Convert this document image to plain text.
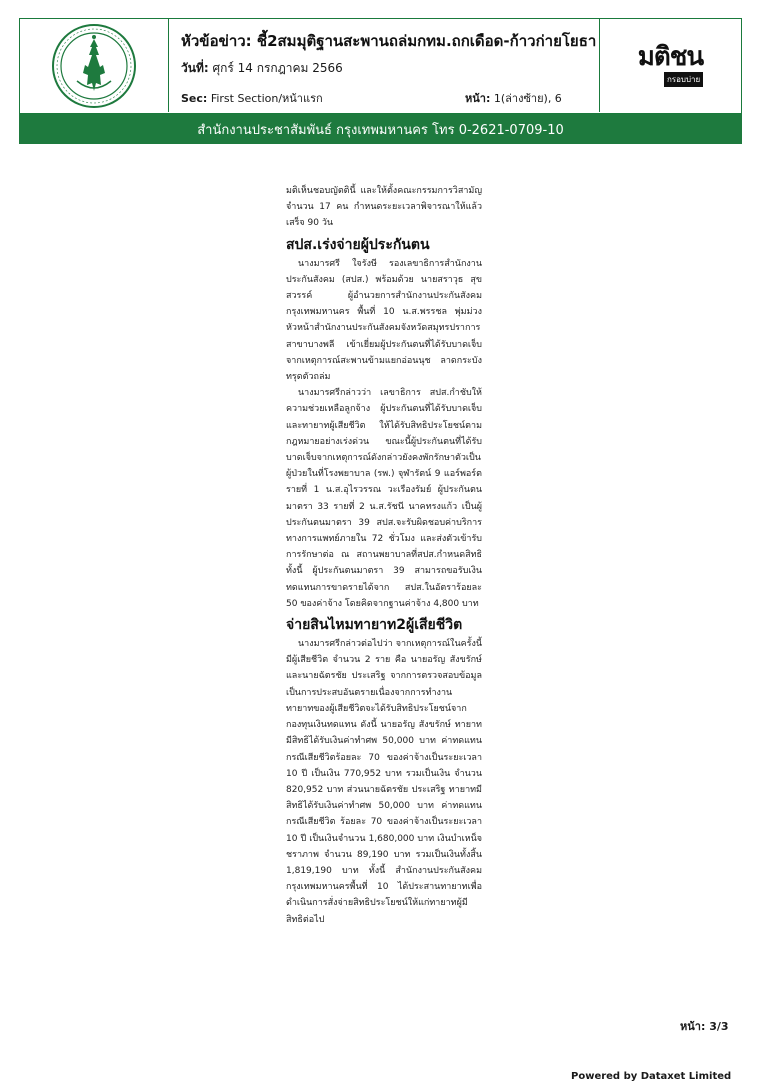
หัวข้อข่าว: ชี้2สมมุติฐานสะพานถล่มกทม.ถกเดือด-ก้าวก่ายโยธา
วันที่: ศุกร์ 14 กรกฎาคม 2566
Sec: First Section/หน้าแรก	หน้า: 1(ล่างซ้าย), 6
มติชน
กรอบบ่าย
สำนักงานประชาสัมพันธ์ กรุงเทพมหานคร โทร 0-2621-0709-10

มติเห็นชอบญัตตินี้ และให้ตั้งคณะกรรมการวิสามัญ จำนวน 17 คน กำหนดระยะเวลาพิจารณาให้แล้วเสร็จ 90 วัน

สปส.เร่งจ่ายผู้ประกันตน

นางมารศรี ใจรังษี รองเลขาธิการสำนักงานประกันสังคม (สปส.) พร้อมด้วย นายสราวุธ สุขสวรรค์ ผู้อำนวยการสำนักงานประกันสังคมกรุงเทพมหานคร พื้นที่ 10 น.ส.พรรชล พุ่มม่วง หัวหน้าสำนักงานประกันสังคมจังหวัดสมุทรปราการ สาขาบางพลี เข้าเยี่ยมผู้ประกันตนที่ได้รับบาดเจ็บจากเหตุการณ์สะพานข้ามแยกอ่อนนุช ลาดกระบัง ทรุดตัวถล่ม

นางมารศรีกล่าวว่า เลขาธิการ สปส.กำชับให้ความช่วยเหลือลูกจ้าง ผู้ประกันตนที่ได้รับบาดเจ็บ และทายาทผู้เสียชีวิต ให้ได้รับสิทธิประโยชน์ตามกฎหมายอย่างเร่งด่วน ขณะนี้ผู้ประกันตนที่ได้รับบาดเจ็บจากเหตุการณ์ดังกล่าวยังคงพักรักษาตัวเป็นผู้ป่วยในที่โรงพยาบาล (รพ.) จุฬารัตน์ 9 แอร์พอร์ต รายที่ 1 น.ส.อุไรวรรณ วะเรืองรัมย์ ผู้ประกันตนมาตรา 33 รายที่ 2 น.ส.รัชนี นาคทรงแก้ว เป็นผู้ประกันตนมาตรา 39 สปส.จะรับผิดชอบค่าบริการทางการแพทย์ภายใน 72 ชั่วโมง และส่งตัวเข้ารับการรักษาต่อ ณ สถานพยาบาลที่สปส.กำหนดสิทธิ ทั้งนี้ ผู้ประกันตนมาตรา 39 สามารถขอรับเงินทดแทนการขาดรายได้จาก สปส.ในอัตราร้อยละ 50 ของค่าจ้าง โดยคิดจากฐานค่าจ้าง 4,800 บาท

จ่ายสินไหมทายาท2ผู้เสียชีวิต

นางมารศรีกล่าวต่อไปว่า จากเหตุการณ์ในครั้งนี้มีผู้เสียชีวิต จำนวน 2 ราย คือ นายอรัญ สังขรักษ์ และนายฉัตรชัย ประเสริฐ จากการตรวจสอบข้อมูลเป็นการประสบอันตรายเนื่องจากการทำงาน ทายาทของผู้เสียชีวิตจะได้รับสิทธิประโยชน์จากกองทุนเงินทดแทน ดังนี้ นายอรัญ สังขรักษ์ ทายาทมีสิทธิได้รับเงินค่าทำศพ 50,000 บาท ค่าทดแทนกรณีเสียชีวิตร้อยละ 70 ของค่าจ้างเป็นระยะเวลา 10 ปี เป็นเงิน 770,952 บาท รวมเป็นเงิน จำนวน 820,952 บาท ส่วนนายฉัตรชัย ประเสริฐ ทายาทมีสิทธิได้รับเงินค่าทำศพ 50,000 บาท ค่าทดแทนกรณีเสียชีวิต ร้อยละ 70 ของค่าจ้างเป็นระยะเวลา 10 ปี เป็นเงินจำนวน 1,680,000 บาท เงินบำเหน็จชราภาพ จำนวน 89,190 บาท รวมเป็นเงินทั้งสิ้น 1,819,190 บาท ทั้งนี้ สำนักงานประกันสังคมกรุงเทพมหานครพื้นที่ 10 ได้ประสานทายาทเพื่อดำเนินการสั่งจ่ายสิทธิประโยชน์ให้แก่ทายาทผู้มีสิทธิต่อไป

หน้า: 3/3
Powered by Dataxet Limited
